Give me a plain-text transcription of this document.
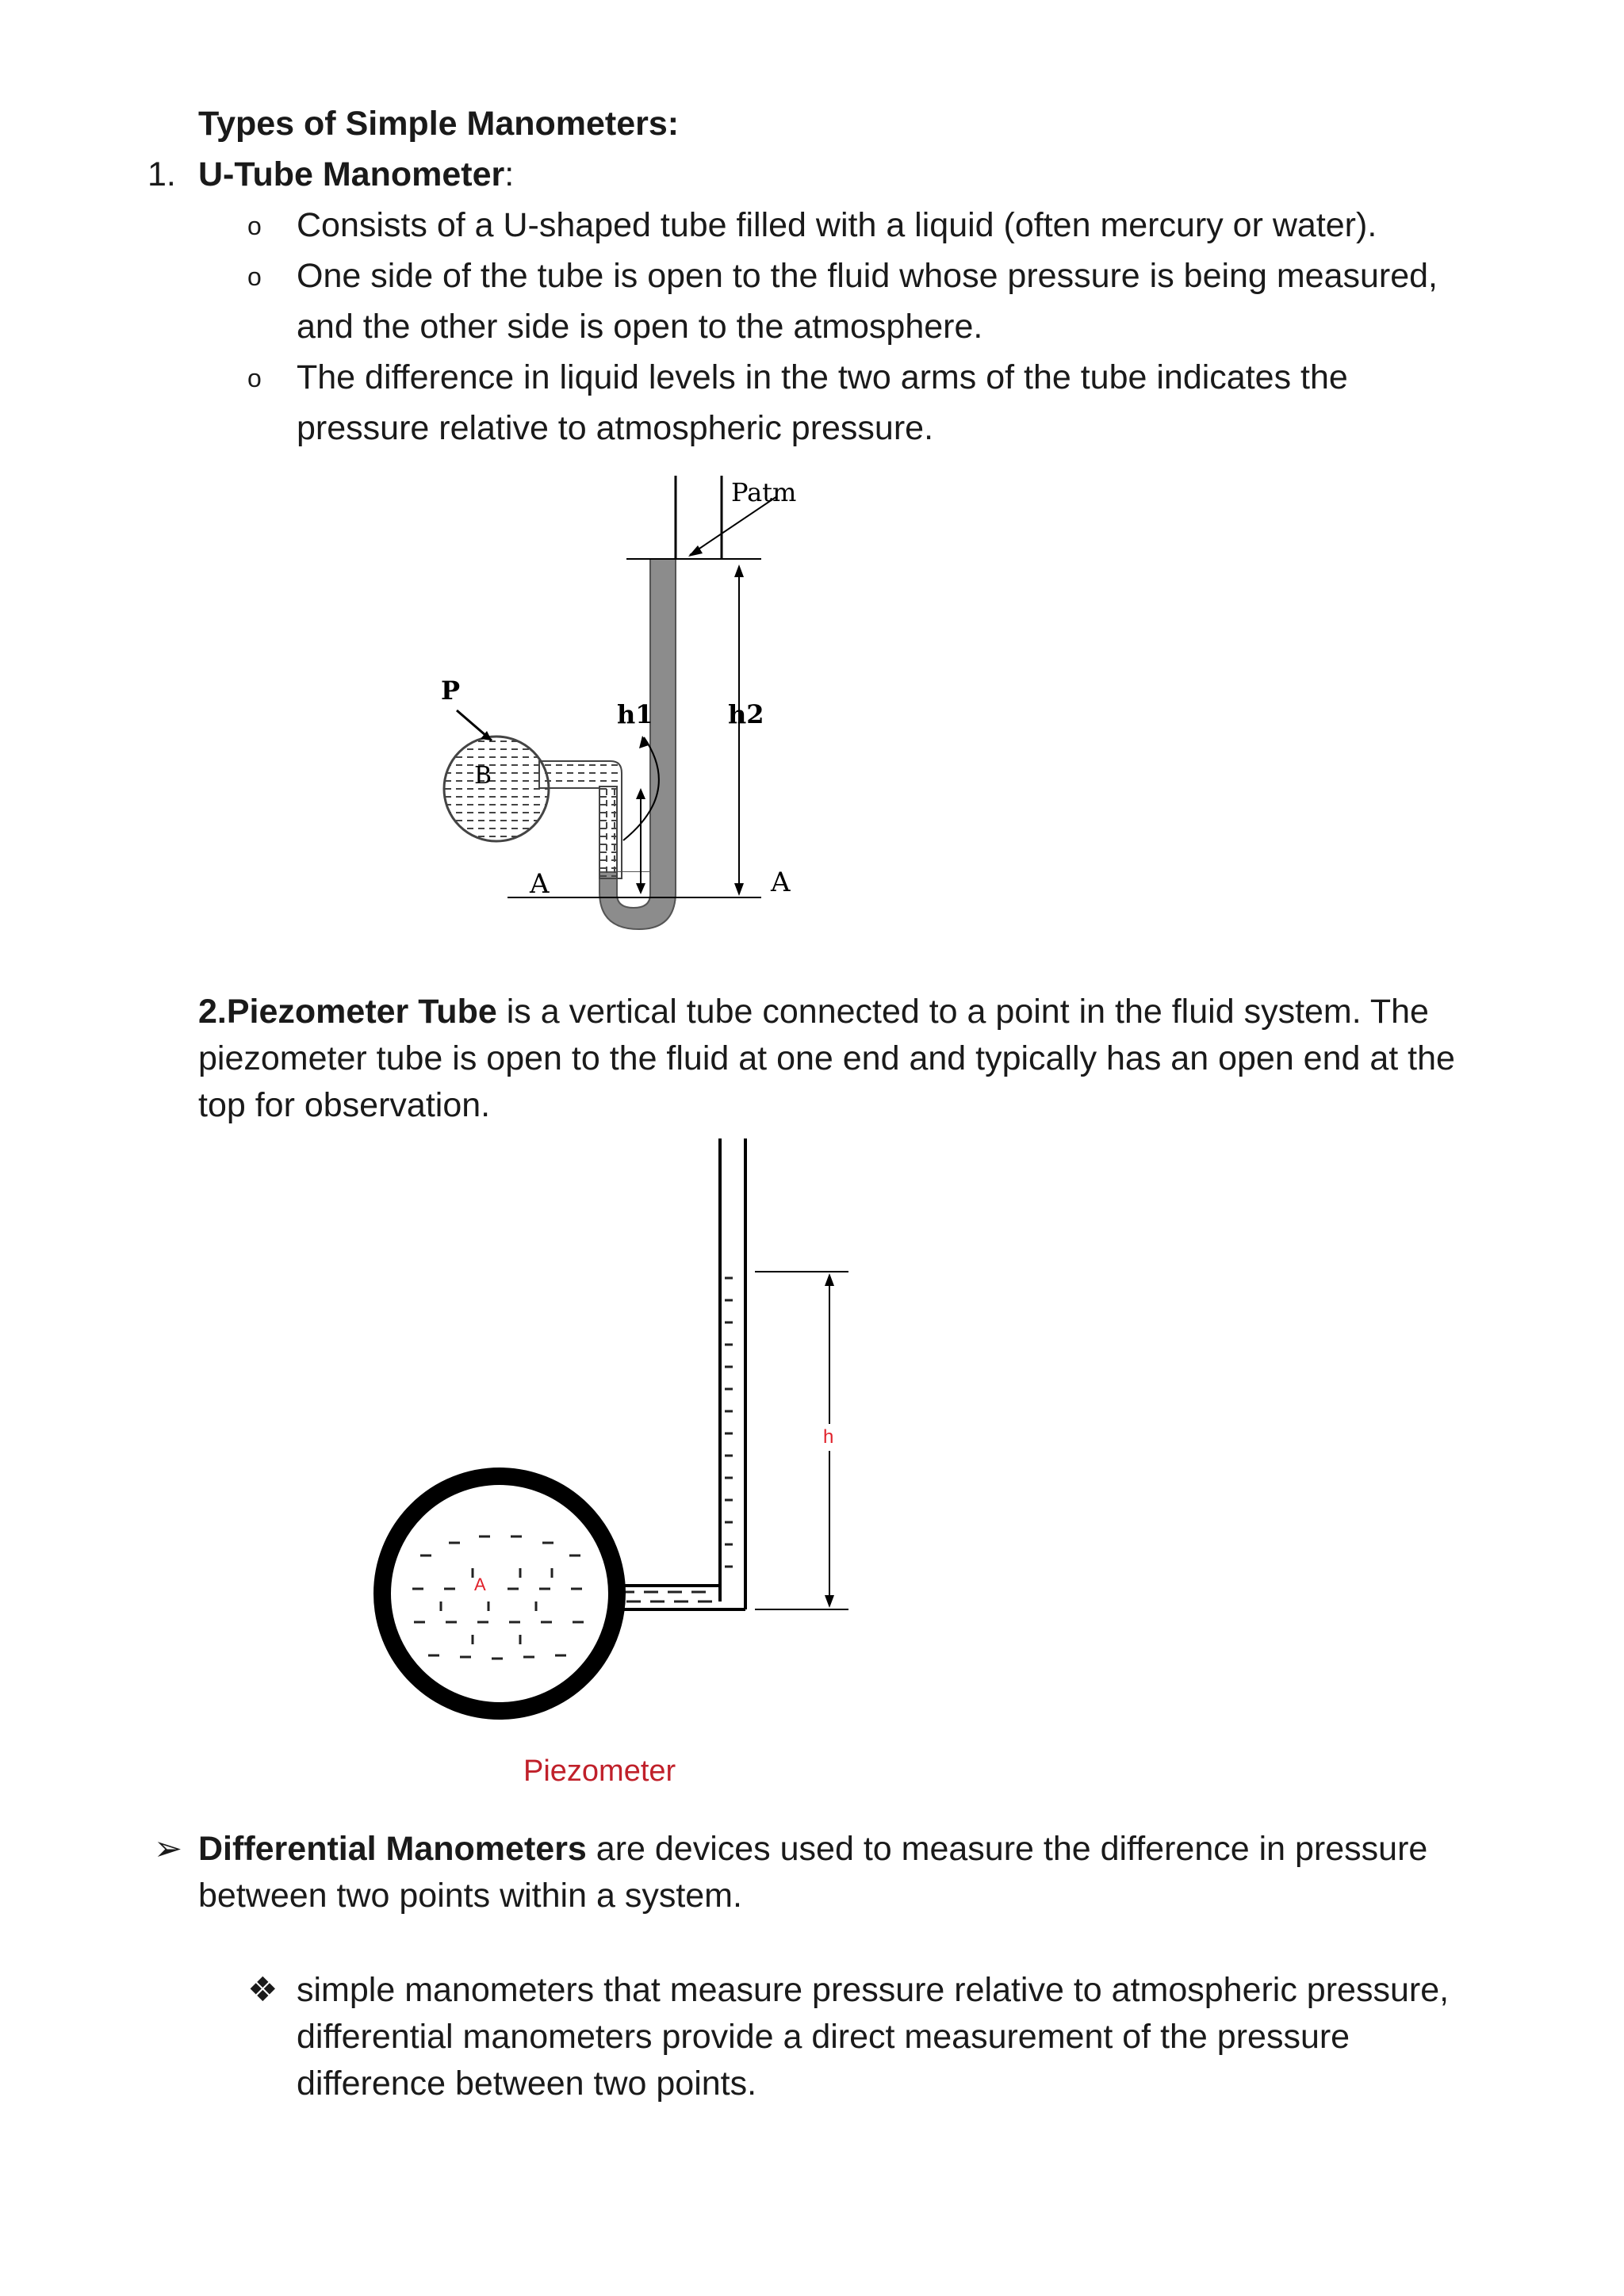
Types of Simple Manometers:
1. U-Tube Manometer:
o Consists of a U-shaped tube filled with a liquid (often mercury or water).
o One side of the tube is open to the fluid whose pressure is being measured,
and the other side is open to the atmosphere.
o The difference in liquid levels in the two arms of the tube indicates the
pressure relative to atmospheric pressure.
B
P
Patm
h1	h2
A	A
2.Piezometer Tube is a vertical tube connected to a point in the fluid system. The
piezometer tube is open to the fluid at one end and typically has an open end at the
top for observation.
A
h
Piezometer
➢ Differential Manometers are devices used to measure the difference in pressure
between two points within a system.
❖ simple manometers that measure pressure relative to atmospheric pressure,
differential manometers provide a direct measurement of the pressure
difference between two points.
